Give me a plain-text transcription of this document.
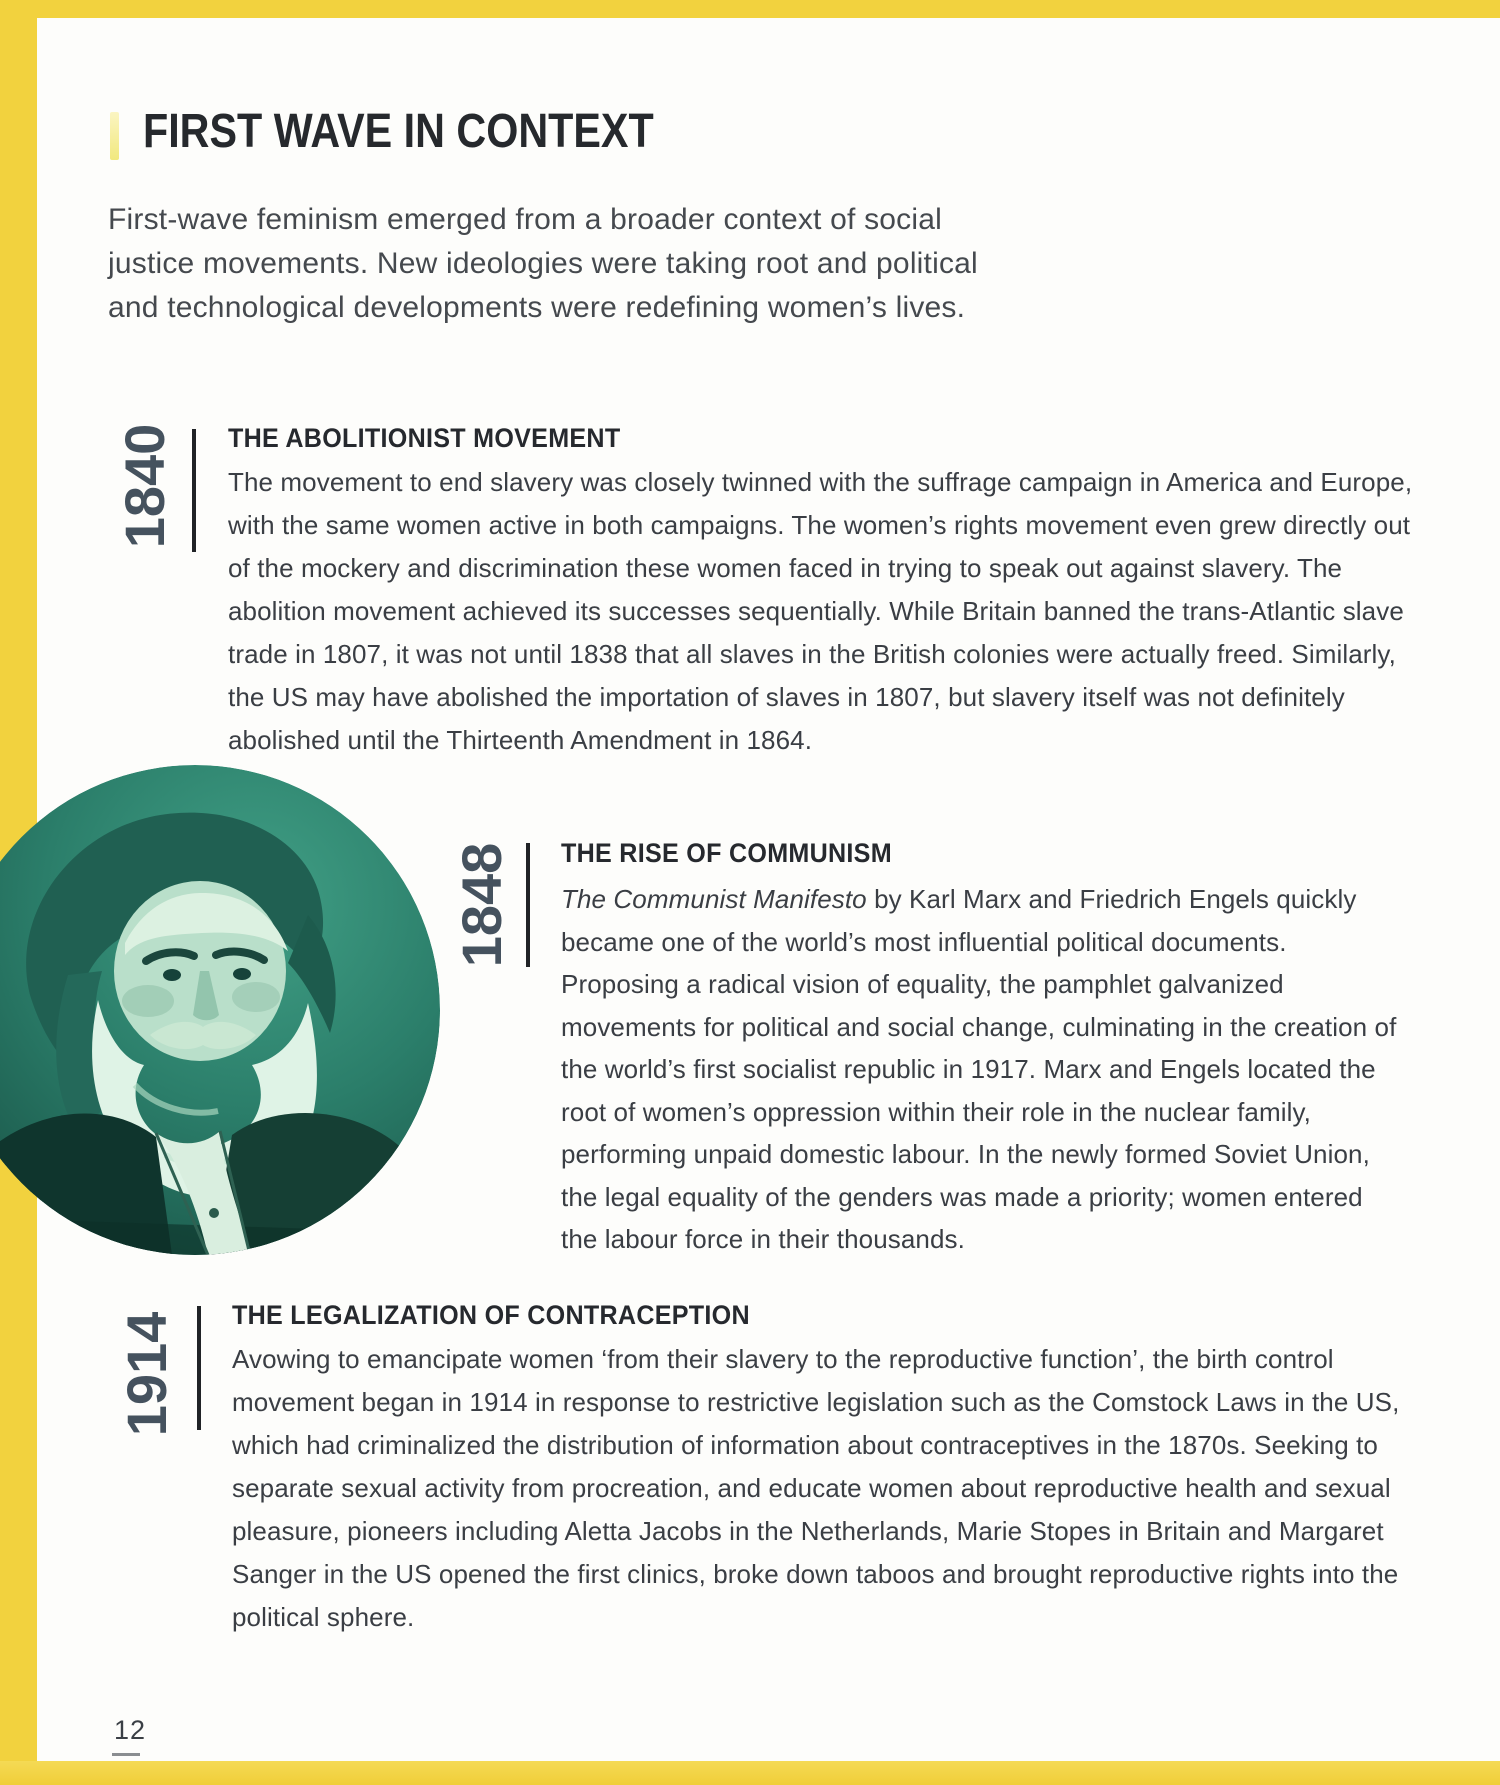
FIRST WAVE IN CONTEXT

First-wave feminism emerged from a broader context of social justice movements. New ideologies were taking root and political and technological developments were redefining women’s lives.

1840 THE ABOLITIONIST MOVEMENT

The movement to end slavery was closely twinned with the suffrage campaign in America and Europe, with the same women active in both campaigns. The women’s rights movement even grew directly out of the mockery and discrimination these women faced in trying to speak out against slavery. The abolition movement achieved its successes sequentially. While Britain banned the trans-Atlantic slave trade in 1807, it was not until 1838 that all slaves in the British colonies were actually freed. Similarly, the US may have abolished the importation of slaves in 1807, but slavery itself was not definitely abolished until the Thirteenth Amendment in 1864.

1848 THE RISE OF COMMUNISM

The Communist Manifesto by Karl Marx and Friedrich Engels quickly became one of the world’s most influential political documents. Proposing a radical vision of equality, the pamphlet galvanized movements for political and social change, culminating in the creation of the world’s first socialist republic in 1917. Marx and Engels located the root of women’s oppression within their role in the nuclear family, performing unpaid domestic labour. In the newly formed Soviet Union, the legal equality of the genders was made a priority; women entered the labour force in their thousands.

1914 THE LEGALIZATION OF CONTRACEPTION

Avowing to emancipate women ‘from their slavery to the reproductive function’, the birth control movement began in 1914 in response to restrictive legislation such as the Comstock Laws in the US, which had criminalized the distribution of information about contraceptives in the 1870s. Seeking to separate sexual activity from procreation, and educate women about reproductive health and sexual pleasure, pioneers including Aletta Jacobs in the Netherlands, Marie Stopes in Britain and Margaret Sanger in the US opened the first clinics, broke down taboos and brought reproductive rights into the political sphere.

12
